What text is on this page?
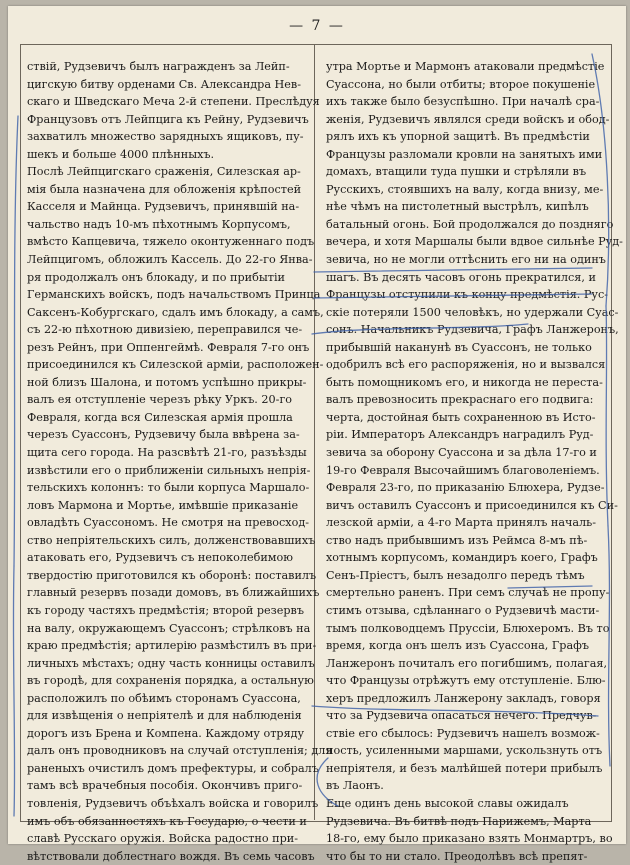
— 7 —
ствій, Рудзевичъ былъ награжденъ за Лейп-
цигскую битву орденами Св. Александра Нев-
скаго и Шведскаго Меча 2-й степени. Преслѣдуя
Французовъ отъ Лейпцига къ Рейну, Рудзевичъ
захватилъ множество зарядныхъ ящиковъ, пу-
шекъ и больше 4000 плѣнныхъ.
Послѣ Лейпцигскаго сраженія, Силезская ар-
мія была назначена для обложенія крѣпостей
Касселя и Майнца. Рудзевичъ, принявшій на-
чальство надъ 10-мъ пѣхотнымъ Корпусомъ,
вмѣсто Капцевича, тяжело оконтуженнаго подъ
Лейпцигомъ, обложилъ Кассель. До 22-го Янва-
ря продолжалъ онъ блокаду, и по прибытіи
Германскихъ войскъ, подъ начальствомъ Принца
Саксенъ-Кобургскаго, сдалъ имъ блокаду, а самъ,
съ 22-ю пѣхотною дивизіею, переправился че-
резъ Рейнъ, при Оппенгеймѣ. Февраля 7-го онъ
присоединился къ Силезской арміи, расположен-
ной близъ Шалона, и потомъ успѣшно прикры-
валъ ея отступленіе черезъ рѣку Уркъ. 20-го
Февраля, когда вся Силезская армія прошла
черезъ Суассонъ, Рудзевичу была ввѣрена за-
щита сего города. На разсвѣтѣ 21-го, разъѣзды
извѣстили его о приближеніи сильныхъ непрія-
тельскихъ колоннъ: то были корпуса Маршало-
ловъ Мармона и Мортье, имѣвшіе приказаніе
овладѣть Суассономъ. Не смотря на превосход-
ство непріятельскихъ силъ, долженствовавшихъ
атаковать его, Рудзевичъ съ непоколебимою
твердостію приготовился къ оборонѣ: поставилъ
главный резервъ позади домовъ, въ ближайшихъ
къ городу частяхъ предмѣстія; второй резервъ
на валу, окружающемъ Суассонъ; стрѣлковъ на
краю предмѣстія; артилерію размѣстилъ въ при-
личныхъ мѣстахъ; одну часть конницы оставилъ
въ городѣ, для сохраненія порядка, а остальную
расположилъ по обѣимъ сторонамъ Суассона,
для извѣщенія о непріятелѣ и для наблюденія
дорогъ изъ Брена и Компена. Каждому отряду
далъ онъ проводниковъ на случай отступленія; для
раненыхъ очистилъ домъ префектуры, и собралъ
тамъ всѣ врачебныя пособія. Окончивъ приго-
товленія, Рудзевичъ объѣхалъ войска и говорилъ
имъ объ обязанностяхъ къ Государю, о чести и
славѣ Русскаго оружія. Войска радостно при-
вѣтствовали доблестнаго вождя. Въ семь часовъ
утра Мортье и Мармонъ атаковали предмѣстіе
Суассона, но были отбиты; второе покушеніе
ихъ также было безуспѣшно. При началѣ сра-
женія, Рудзевичъ являлся среди войскъ и обод-
рялъ ихъ къ упорной защитѣ. Въ предмѣстіи
Французы разломали кровли на занятыхъ ими
домахъ, втащили туда пушки и стрѣляли въ
Русскихъ, стоявшихъ на валу, когда внизу, ме-
нѣе чѣмъ на пистолетный выстрѣлъ, кипѣлъ
батальный огонь. Бой продолжался до поздняго
вечера, и хотя Маршалы были вдвое сильнѣе Руд-
зевича, но не могли оттѣснить его ни на одинъ
шагъ. Въ десять часовъ огонь прекратился, и
Французы отступили къ концу предмѣстія. Рус-
скіе потеряли 1500 человѣкъ, но удержали Суас-
сонъ. Начальникъ Рудзевича, Графъ Ланжеронъ,
прибывшій наканунѣ въ Суассонъ, не только
одобрилъ всѣ его распоряженія, но и вызвался
быть помощникомъ его, и никогда не переста-
валъ превозносить прекраснаго его подвига:
черта, достойная быть сохраненною въ Исто-
ріи. Императоръ Александръ наградилъ Руд-
зевича за оборону Суассона и за дѣла 17-го и
19-го Февраля Высочайшимъ благоволеніемъ.
Февраля 23-го, по приказанію Блюхера, Рудзе-
вичъ оставилъ Суассонъ и присоединился къ Си-
лезской арміи, а 4-го Марта принялъ началь-
ство надъ прибывшимъ изъ Реймса 8-мъ пѣ-
хотнымъ корпусомъ, командиръ коего, Графъ
Сенъ-Пріестъ, былъ незадолго передъ тѣмъ
смертельно раненъ. При семъ случаѣ не пропу-
стимъ отзыва, сдѣланнаго о Рудзевичѣ масти-
тымъ полководцемъ Пруссіи, Блюхеромъ. Въ то
время, когда онъ шелъ изъ Суассона, Графъ
Ланжеронъ почиталъ его погибшимъ, полагая,
что Французы отрѣжутъ ему отступленіе. Блю-
херъ предложилъ Ланжерону закладъ, говоря
что за Рудзевича опасаться нечего. Предчув-
ствіе его сбылось: Рудзевичъ нашелъ возмож-
ность, усиленными маршами, ускользнуть отъ
непріятеля, и безъ малѣйшей потери прибылъ
въ Лаонъ.
Еще одинъ день высокой славы ожидалъ
Рудзевича. Въ битвѣ подъ Парижемъ, Марта
18-го, ему было приказано взять Монмартръ, во
что бы то ни стало. Преодолѣвъ всѣ препят-
